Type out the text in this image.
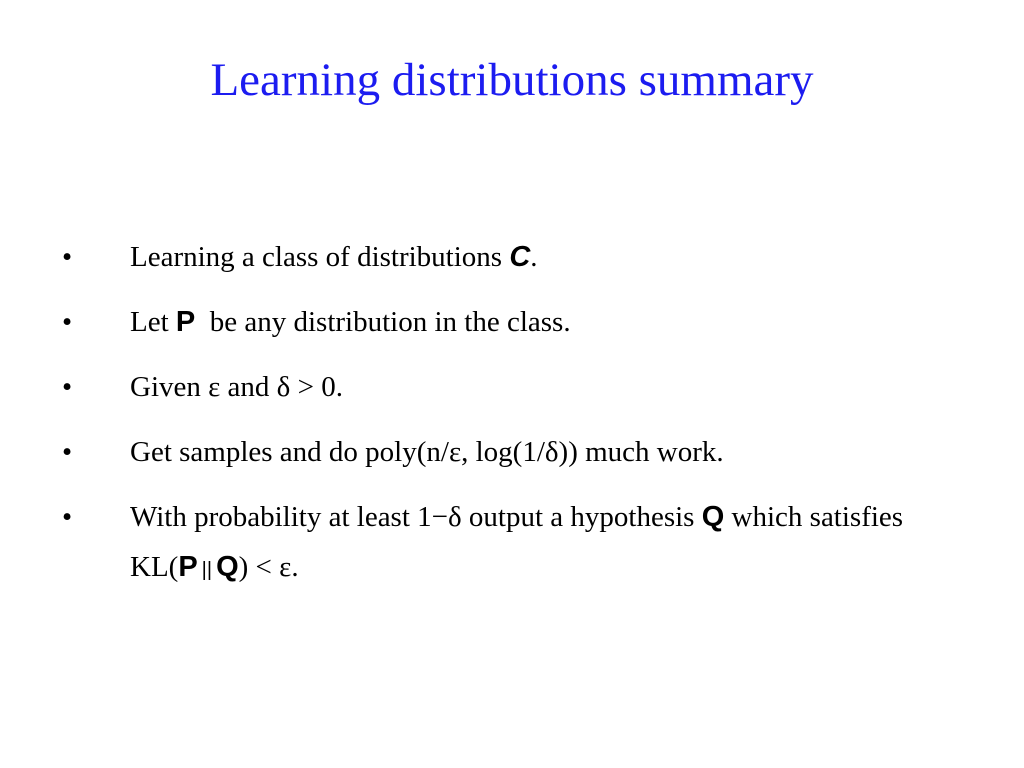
Learning distributions summary
•	Learning a class of distributions C.
•	Let P  be any distribution in the class.
•	Given ε and δ > 0.
•	Get samples and do poly(n/ε, log(1/δ)) much work.
•	With probability at least 1−δ output a hypothesis Q which satisfies KL(P || Q) < ε.
